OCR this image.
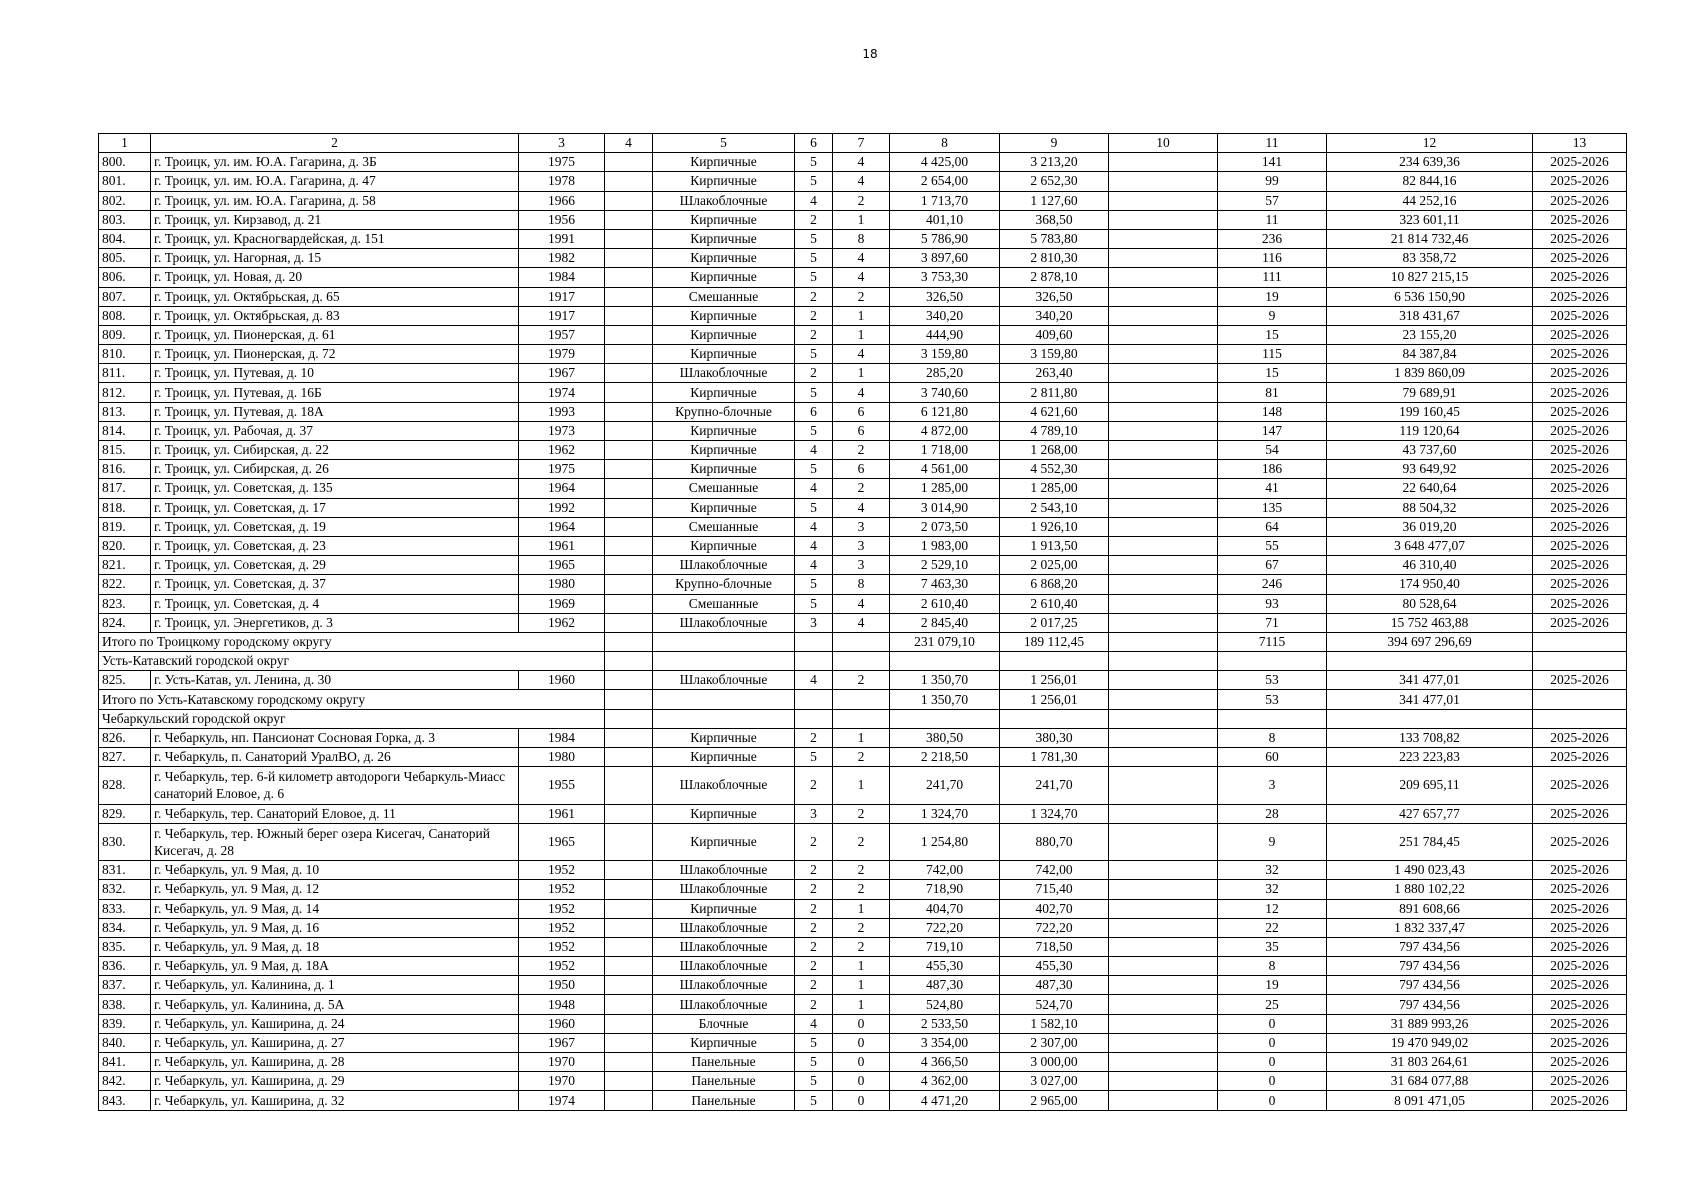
18
1	2	3	4	5	6	7	8	9	10	11	12	13
800.	г. Троицк, ул. им. Ю.А. Гагарина, д. 3Б	1975		Кирпичные	5	4	4 425,00	3 213,20		141	234 639,36	2025-2026
801.	г. Троицк, ул. им. Ю.А. Гагарина, д. 47	1978		Кирпичные	5	4	2 654,00	2 652,30		99	82 844,16	2025-2026
802.	г. Троицк, ул. им. Ю.А. Гагарина, д. 58	1966		Шлакоблочные	4	2	1 713,70	1 127,60		57	44 252,16	2025-2026
803.	г. Троицк, ул. Кирзавод, д. 21	1956		Кирпичные	2	1	401,10	368,50		11	323 601,11	2025-2026
804.	г. Троицк, ул. Красногвардейская, д. 151	1991		Кирпичные	5	8	5 786,90	5 783,80		236	21 814 732,46	2025-2026
805.	г. Троицк, ул. Нагорная, д. 15	1982		Кирпичные	5	4	3 897,60	2 810,30		116	83 358,72	2025-2026
806.	г. Троицк, ул. Новая, д. 20	1984		Кирпичные	5	4	3 753,30	2 878,10		111	10 827 215,15	2025-2026
807.	г. Троицк, ул. Октябрьская, д. 65	1917		Смешанные	2	2	326,50	326,50		19	6 536 150,90	2025-2026
808.	г. Троицк, ул. Октябрьская, д. 83	1917		Кирпичные	2	1	340,20	340,20		9	318 431,67	2025-2026
809.	г. Троицк, ул. Пионерская, д. 61	1957		Кирпичные	2	1	444,90	409,60		15	23 155,20	2025-2026
810.	г. Троицк, ул. Пионерская, д. 72	1979		Кирпичные	5	4	3 159,80	3 159,80		115	84 387,84	2025-2026
811.	г. Троицк, ул. Путевая, д. 10	1967		Шлакоблочные	2	1	285,20	263,40		15	1 839 860,09	2025-2026
812.	г. Троицк, ул. Путевая, д. 16Б	1974		Кирпичные	5	4	3 740,60	2 811,80		81	79 689,91	2025-2026
813.	г. Троицк, ул. Путевая, д. 18А	1993		Крупно-блочные	6	6	6 121,80	4 621,60		148	199 160,45	2025-2026
814.	г. Троицк, ул. Рабочая, д. 37	1973		Кирпичные	5	6	4 872,00	4 789,10		147	119 120,64	2025-2026
815.	г. Троицк, ул. Сибирская, д. 22	1962		Кирпичные	4	2	1 718,00	1 268,00		54	43 737,60	2025-2026
816.	г. Троицк, ул. Сибирская, д. 26	1975		Кирпичные	5	6	4 561,00	4 552,30		186	93 649,92	2025-2026
817.	г. Троицк, ул. Советская, д. 135	1964		Смешанные	4	2	1 285,00	1 285,00		41	22 640,64	2025-2026
818.	г. Троицк, ул. Советская, д. 17	1992		Кирпичные	5	4	3 014,90	2 543,10		135	88 504,32	2025-2026
819.	г. Троицк, ул. Советская, д. 19	1964		Смешанные	4	3	2 073,50	1 926,10		64	36 019,20	2025-2026
820.	г. Троицк, ул. Советская, д. 23	1961		Кирпичные	4	3	1 983,00	1 913,50		55	3 648 477,07	2025-2026
821.	г. Троицк, ул. Советская, д. 29	1965		Шлакоблочные	4	3	2 529,10	2 025,00		67	46 310,40	2025-2026
822.	г. Троицк, ул. Советская, д. 37	1980		Крупно-блочные	5	8	7 463,30	6 868,20		246	174 950,40	2025-2026
823.	г. Троицк, ул. Советская, д. 4	1969		Смешанные	5	4	2 610,40	2 610,40		93	80 528,64	2025-2026
824.	г. Троицк, ул. Энергетиков, д. 3	1962		Шлакоблочные	3	4	2 845,40	2 017,25		71	15 752 463,88	2025-2026
Итого по Троицкому городскому округу							231 079,10	189 112,45		7115	394 697 296,69	
Усть-Катавский городской округ												
825.	г. Усть-Катав, ул. Ленина, д. 30	1960		Шлакоблочные	4	2	1 350,70	1 256,01		53	341 477,01	2025-2026
Итого по Усть-Катавскому городскому округу							1 350,70	1 256,01		53	341 477,01	
Чебаркульский городской округ												
826.	г. Чебаркуль, нп. Пансионат Сосновая Горка, д. 3	1984		Кирпичные	2	1	380,50	380,30		8	133 708,82	2025-2026
827.	г. Чебаркуль, п. Санаторий УралВО, д. 26	1980		Кирпичные	5	2	2 218,50	1 781,30		60	223 223,83	2025-2026
828.	г. Чебаркуль, тер. 6-й километр автодороги Чебаркуль-Миасс санаторий Еловое, д. 6	1955		Шлакоблочные	2	1	241,70	241,70		3	209 695,11	2025-2026
829.	г. Чебаркуль, тер. Санаторий Еловое, д. 11	1961		Кирпичные	3	2	1 324,70	1 324,70		28	427 657,77	2025-2026
830.	г. Чебаркуль, тер. Южный берег озера Кисегач, Санаторий Кисегач, д. 28	1965		Кирпичные	2	2	1 254,80	880,70		9	251 784,45	2025-2026
831.	г. Чебаркуль, ул. 9 Мая, д. 10	1952		Шлакоблочные	2	2	742,00	742,00		32	1 490 023,43	2025-2026
832.	г. Чебаркуль, ул. 9 Мая, д. 12	1952		Шлакоблочные	2	2	718,90	715,40		32	1 880 102,22	2025-2026
833.	г. Чебаркуль, ул. 9 Мая, д. 14	1952		Кирпичные	2	1	404,70	402,70		12	891 608,66	2025-2026
834.	г. Чебаркуль, ул. 9 Мая, д. 16	1952		Шлакоблочные	2	2	722,20	722,20		22	1 832 337,47	2025-2026
835.	г. Чебаркуль, ул. 9 Мая, д. 18	1952		Шлакоблочные	2	2	719,10	718,50		35	797 434,56	2025-2026
836.	г. Чебаркуль, ул. 9 Мая, д. 18А	1952		Шлакоблочные	2	1	455,30	455,30		8	797 434,56	2025-2026
837.	г. Чебаркуль, ул. Калинина, д. 1	1950		Шлакоблочные	2	1	487,30	487,30		19	797 434,56	2025-2026
838.	г. Чебаркуль, ул. Калинина, д. 5А	1948		Шлакоблочные	2	1	524,80	524,70		25	797 434,56	2025-2026
839.	г. Чебаркуль, ул. Каширина, д. 24	1960		Блочные	4	0	2 533,50	1 582,10		0	31 889 993,26	2025-2026
840.	г. Чебаркуль, ул. Каширина, д. 27	1967		Кирпичные	5	0	3 354,00	2 307,00		0	19 470 949,02	2025-2026
841.	г. Чебаркуль, ул. Каширина, д. 28	1970		Панельные	5	0	4 366,50	3 000,00		0	31 803 264,61	2025-2026
842.	г. Чебаркуль, ул. Каширина, д. 29	1970		Панельные	5	0	4 362,00	3 027,00		0	31 684 077,88	2025-2026
843.	г. Чебаркуль, ул. Каширина, д. 32	1974		Панельные	5	0	4 471,20	2 965,00		0	8 091 471,05	2025-2026
